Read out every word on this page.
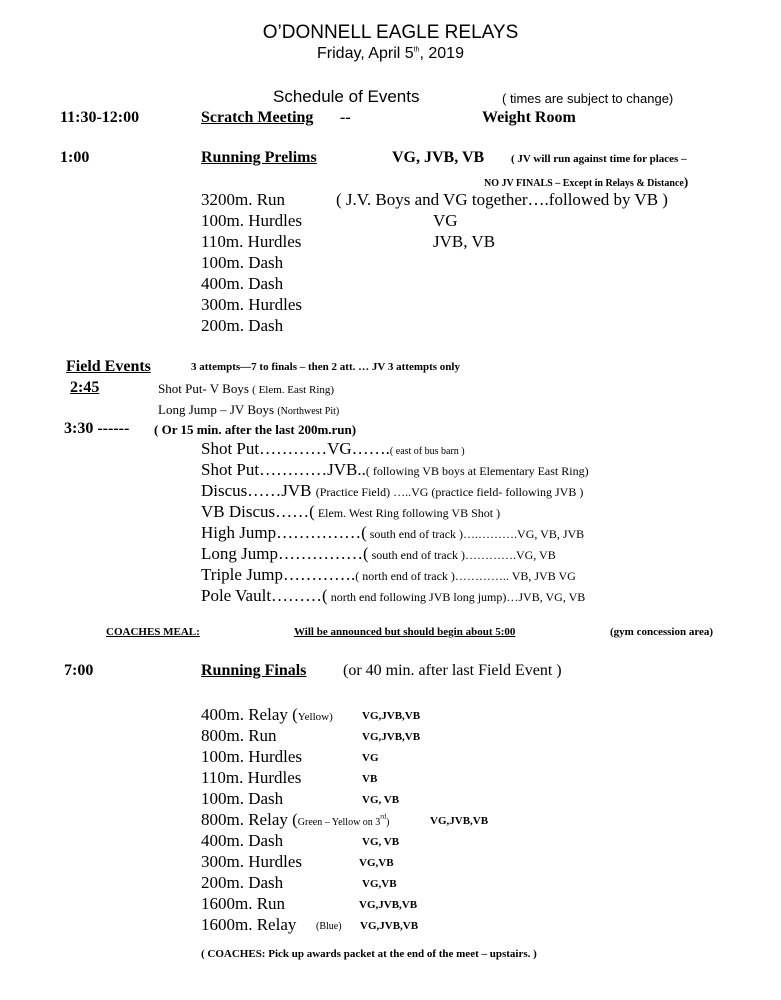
O’DONNELL EAGLE RELAYS
Friday, April 5th, 2019
Schedule of Events	( times are subject to change)
11:30-12:00	Scratch Meeting --	Weight Room
1:00	Running Prelims	VG, JVB, VB ( JV will run against time for places –
NO JV FINALS – Except in Relays & Distance)
3200m. Run	( J.V. Boys and VG together….followed by VB )
100m. Hurdles	VG
110m. Hurdles	JVB, VB
100m. Dash
400m. Dash
300m. Hurdles
200m. Dash
Field Events	3 attempts—7 to finals – then 2 att. … JV 3 attempts only
2:45	Shot Put- V Boys ( Elem. East Ring)
Long Jump – JV Boys (Northwest Pit)
3:30 ------ ( Or 15 min. after the last 200m.run)
Shot Put…………VG…….( east of bus barn )
Shot Put…………JVB..( following VB boys at Elementary East Ring)
Discus……JVB (Practice Field) …..VG (practice field- following JVB )
VB Discus……( Elem. West Ring following VB Shot )
High Jump……………( south end of track )….……….VG, VB, JVB
Long Jump……………( south end of track )………….VG, VB
Triple Jump………….( north end of track )………….. VB, JVB VG
Pole Vault………( north end following JVB long jump)…JVB, VG, VB
COACHES MEAL:	Will be announced but should begin about 5:00	(gym concession area)
7:00	Running Finals (or 40 min. after last Field Event )
400m. Relay (Yellow)	VG,JVB,VB
800m. Run	VG,JVB,VB
100m. Hurdles	VG
110m. Hurdles	VB
100m. Dash	VG, VB
800m. Relay (Green – Yellow on 3rd)	VG,JVB,VB
400m. Dash	VG, VB
300m. Hurdles	VG,VB
200m. Dash	VG,VB
1600m. Run	VG,JVB,VB
1600m. Relay (Blue) VG,JVB,VB
( COACHES: Pick up awards packet at the end of the meet – upstairs. )
